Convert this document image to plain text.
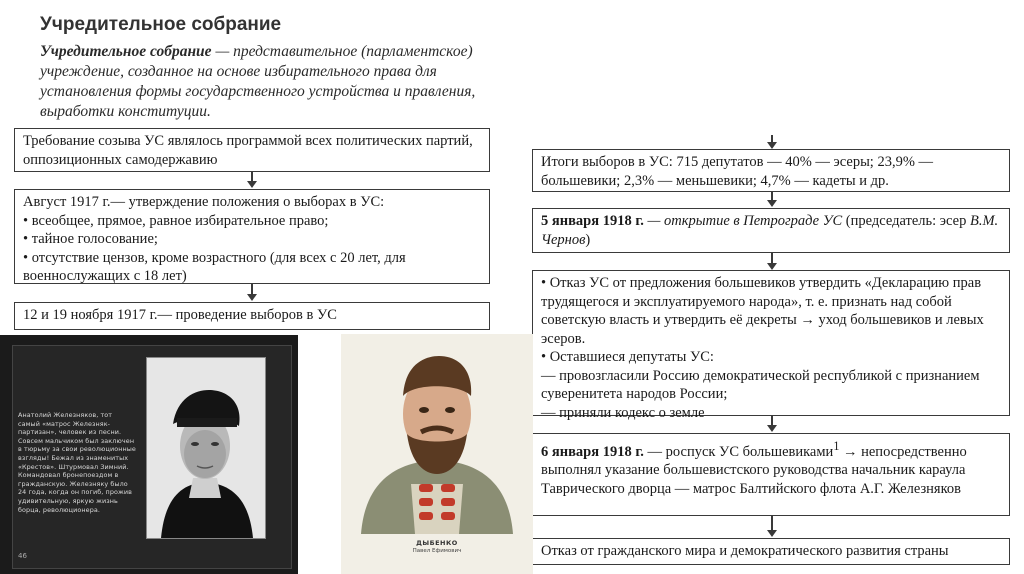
Учредительное собрание
Учредительное собрание — представительное (парламентское) учреждение, созданное на основе избирательного права для установления формы государственного устройства и правления, выработки конституции.

Требование созыва УС являлось программой всех политических партий, оппозиционных самодержавию

Август 1917 г.— утверждение положения о выборах в УС:

• всеобщее, прямое, равное избирательное право;

• тайное голосование;

• отсутствие цензов, кроме возрастного (для всех с 20 лет, для военнослужащих с 18 лет)

12 и 19 ноября 1917 г.— проведение выборов в УС

Итоги выборов в УС: 715 депутатов — 40% — эсеры; 23,9% — большевики; 2,3% — меньшевики; 4,7% — кадеты и др.

5 января 1918 г. — открытие в Петрограде УС (председатель: эсер В.М. Чернов)

• Отказ УС от предложения большевиков утвердить «Декларацию прав трудящегося и эксплуатируемого народа», т. е. признать над собой советскую власть и утвердить её декреты → уход большевиков и левых эсеров.

• Оставшиеся депутаты УС:

— провозгласили Россию демократической республикой с признанием суверенитета народов России;

— приняли кодекс о земле

6 января 1918 г. — роспуск УС большевиками$^1$ → непосредственно выполнял указание большевистского руководства начальник караула Таврического дворца — матрос Балтийского флота А.Г. Железняков

Отказ от гражданского мира и демократического развития страны

Анатолий Железняков, тот самый «матрос Железняк-партизан», человек из песни. Совсем мальчиком был заключен в тюрьму за свои революционные взгляды! Бежал из знаменитых «Крестов». Штурмовал Зимний. Командовал бронепоездом в гражданскую. Железняку было 24 года, когда он погиб, прожив удивительную, яркую жизнь борца, революционера.
46
ДЫБЕНКО
Павел Ефимович
